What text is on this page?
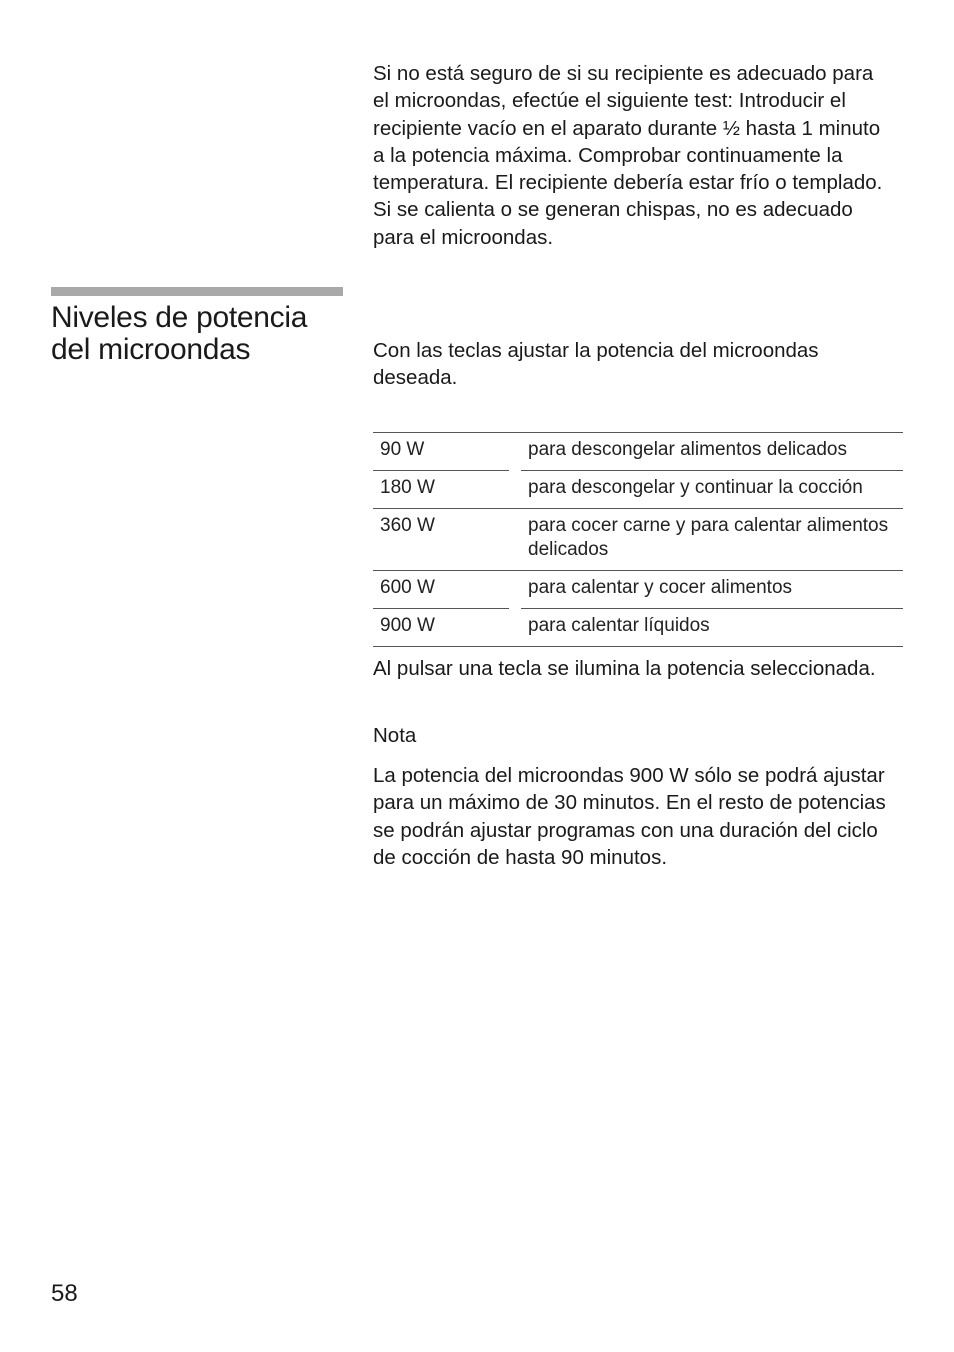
Si no está seguro de si su recipiente es adecuado para el microondas, efectúe el siguiente test: Introducir el recipiente vacío en el aparato durante ½ hasta 1 minuto a la potencia máxima. Comprobar continuamente la temperatura. El recipiente debería estar frío o templado. Si se calienta o se generan chispas, no es adecuado para el microondas.

Niveles de potencia del microondas	Con las teclas ajustar la potencia del microondas deseada.

90 W		para descongelar alimentos delicados
180 W		para descongelar y continuar la cocción
360 W		para cocer carne y para calentar alimentos delicados
600 W		para calentar y cocer alimentos
900 W		para calentar líquidos

Al pulsar una tecla se ilumina la potencia seleccionada.

Nota

La potencia del microondas 900 W sólo se podrá ajustar para un máximo de 30 minutos. En el resto de potencias se podrán ajustar programas con una duración del ciclo de cocción de hasta 90 minutos.

58
